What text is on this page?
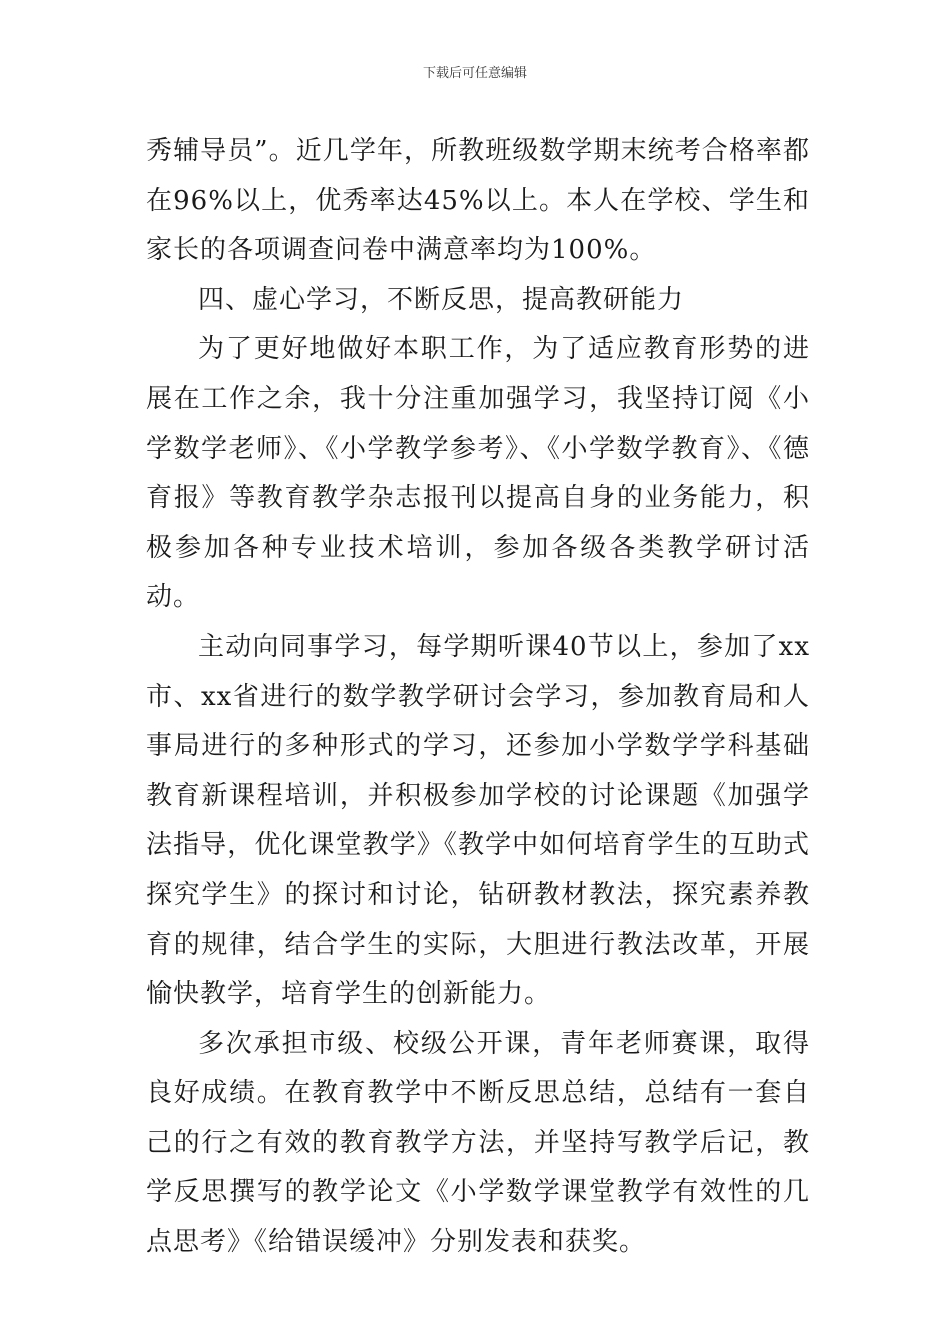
下载后可任意编辑

秀辅导员”。近几学年，所教班级数学期末统考合格率都在96%以上，优秀率达45%以上。本人在学校、学生和家长的各项调查问卷中满意率均为100%。

四、虚心学习，不断反思，提高教研能力

为了更好地做好本职工作，为了适应教育形势的进展在工作之余，我十分注重加强学习，我坚持订阅《小学数学老师》、《小学教学参考》、《小学数学教育》、《德育报》等教育教学杂志报刊以提高自身的业务能力，积极参加各种专业技术培训，参加各级各类教学研讨活动。

主动向同事学习，每学期听课40节以上，参加了xx市、xx省进行的数学教学研讨会学习，参加教育局和人事局进行的多种形式的学习，还参加小学数学学科基础教育新课程培训，并积极参加学校的讨论课题《加强学法指导，优化课堂教学》《教学中如何培育学生的互助式探究学生》的探讨和讨论，钻研教材教法，探究素养教育的规律，结合学生的实际，大胆进行教法改革，开展愉快教学，培育学生的创新能力。

多次承担市级、校级公开课，青年老师赛课，取得良好成绩。在教育教学中不断反思总结，总结有一套自己的行之有效的教育教学方法，并坚持写教学后记，教学反思撰写的教学论文《小学数学课堂教学有效性的几点思考》《给错误缓冲》分别发表和获奖。
